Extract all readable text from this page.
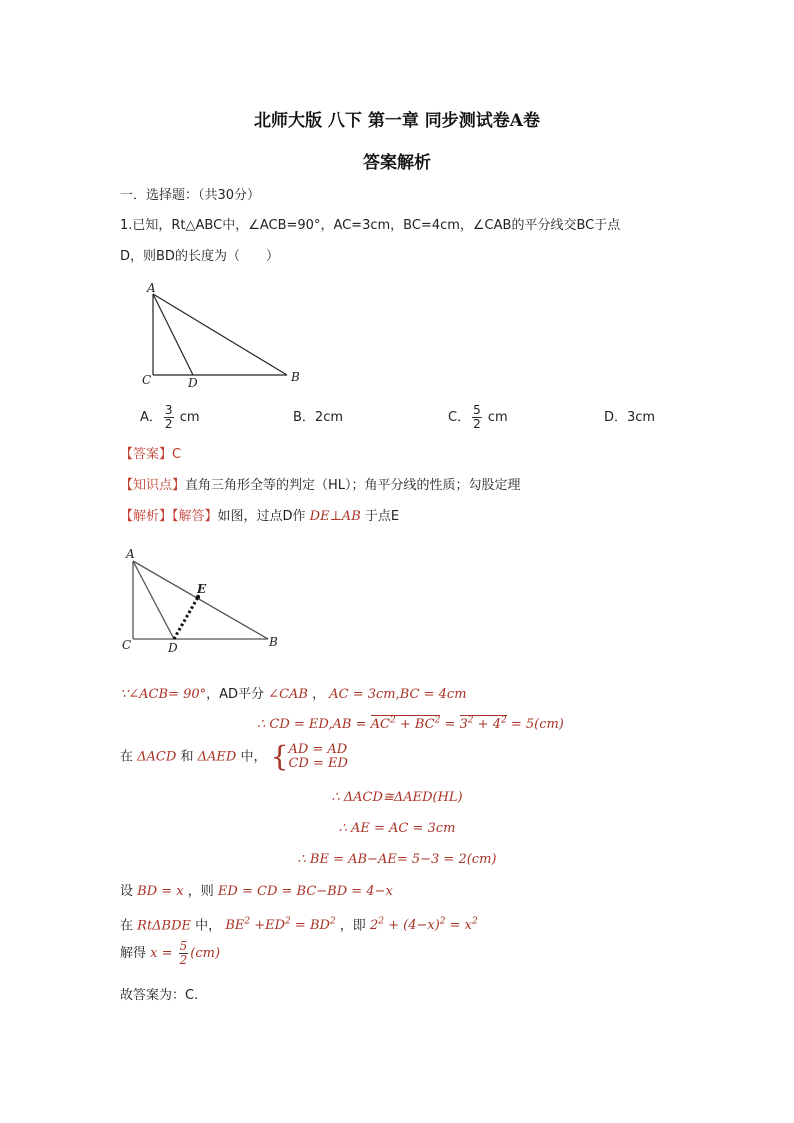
北师大版 八下 第一章 同步测试卷A卷
答案解析
一．选择题：（共30分）
1.已知，Rt△ABC中，∠ACB=90°，AC=3cm，BC=4cm，∠CAB的平分线交BC于点
D，则BD的长度为（　　）
A
B
C	D
A． $\frac{3}{2}$ cm	B．2cm	C． $\frac{5}{2}$ cm	D．3cm
【答案】C
【知识点】直角三角形全等的判定（HL）；角平分线的性质；勾股定理
【解析】【解答】如图，过点D作 DE⊥AB 于点E
A
B
C	D
E
∵∠ACB= 90°，AD平分 ∠CAB ， AC = 3cm,BC = 4cm
∴ CD = $ED,AB = AC^2 + BC^2 = 3^2 + 4^2 = 5(cm)$
在 ΔACD 和 ΔAED 中， { AD = AD
CD = ED
∴ ΔACD≅ΔAED(HL)
∴ AE = AC = 3cm
∴ BE = AB−AE= 5−3 = 2(cm)
设 BD = x ，则 ED = CD = BC−BD = 4−x
在 RtΔBDE 中， $BE^2 +ED^2 = BD^2$ ，即 $2^2 + (4-x)^2 = x^2$
解得 $x = \frac{5}{2} (cm)$
故答案为：C.
